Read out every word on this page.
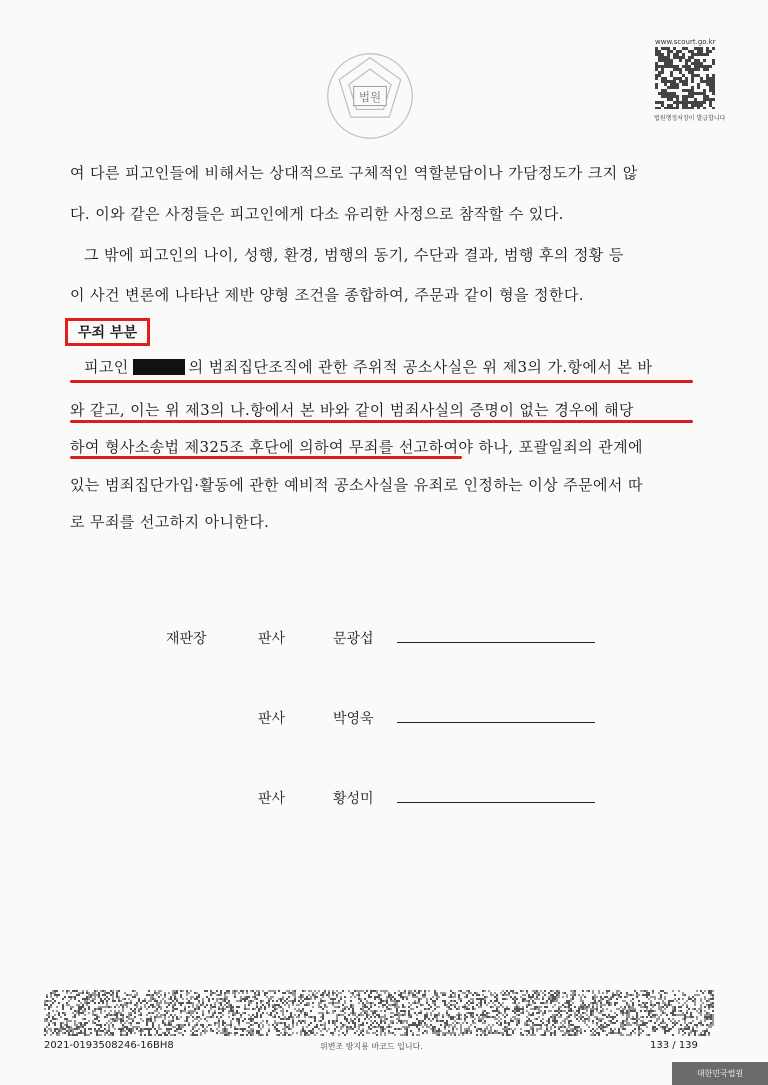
법원
www.scourt.go.kr
법원행정처장이 발급합니다
여 다른 피고인들에 비해서는 상대적으로 구체적인 역할분담이나 가담정도가 크지 않
다. 이와 같은 사정들은 피고인에게 다소 유리한 사정으로 참작할 수 있다.
그 밖에 피고인의 나이, 성행, 환경, 범행의 동기, 수단과 결과, 범행 후의 정황 등
이 사건 변론에 나타난 제반 양형 조건을 종합하여, 주문과 같이 형을 정한다.
무죄 부분
피고인	의 범죄집단조직에 관한 주위적 공소사실은 위 제3의 가.항에서 본 바
와 같고, 이는 위 제3의 나.항에서 본 바와 같이 범죄사실의 증명이 없는 경우에 해당
하여 형사소송법 제325조 후단에 의하여 무죄를 선고하여야 하나, 포괄일죄의 관계에
있는 범죄집단가입·활동에 관한 예비적 공소사실을 유죄로 인정하는 이상 주문에서 따
로 무죄를 선고하지 아니한다.
재판장	판사	문광섭
판사	박영욱
판사	황성미
2021-0193508246-16BH8	위변조 방지용 바코드 입니다.	133 / 139
대한민국법원
